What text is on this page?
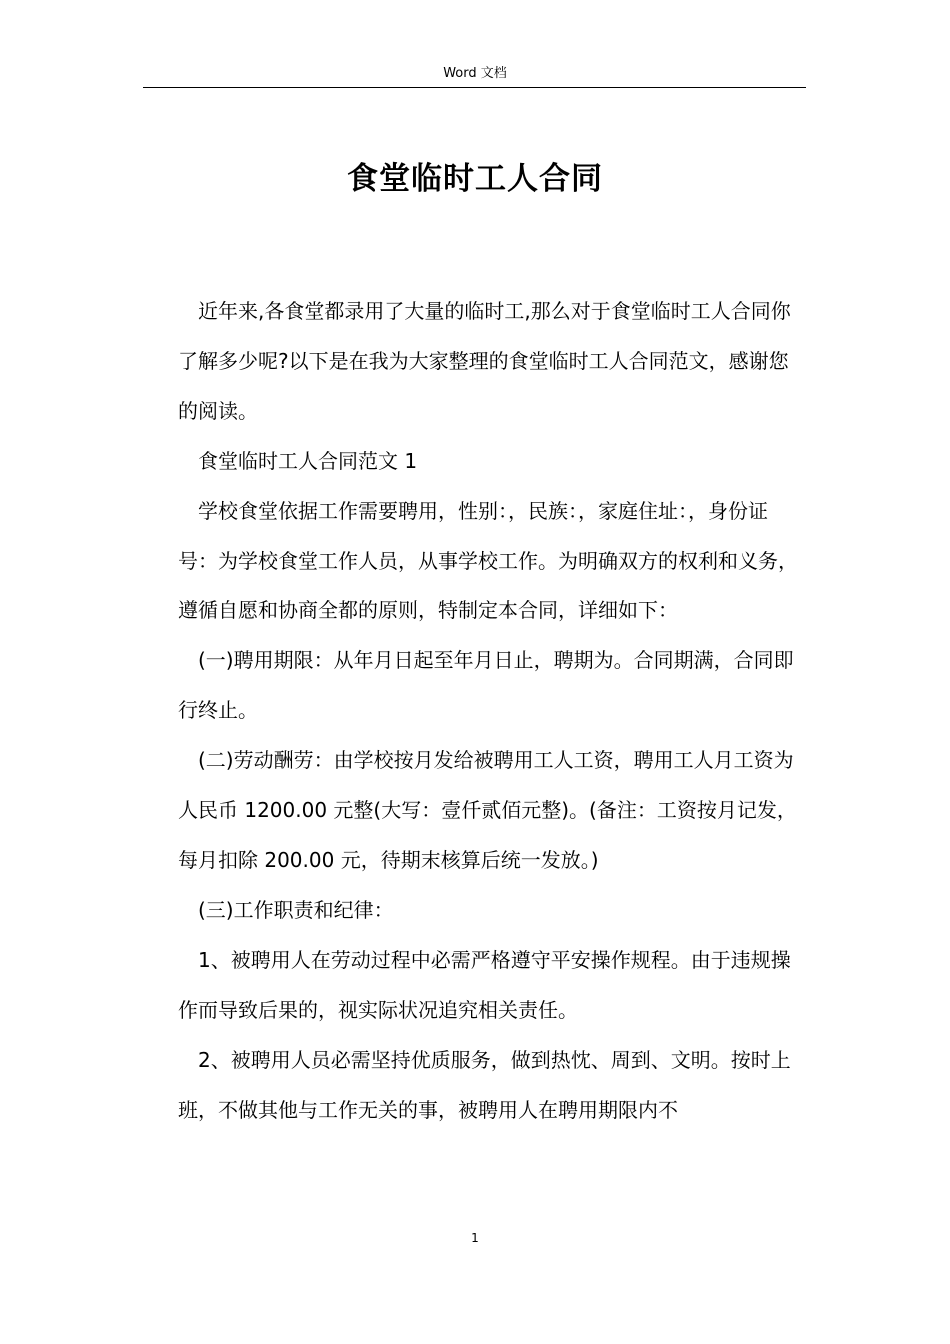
Word 文档
食堂临时工人合同

近年来,各食堂都录用了大量的临时工,那么对于食堂临时工人合同你了解多少呢?以下是在我为大家整理的食堂临时工人合同范文，感谢您的阅读。

食堂临时工人合同范文 1

学校食堂依据工作需要聘用，性别：，民族：，家庭住址：，身份证号：为学校食堂工作人员，从事学校工作。为明确双方的权利和义务，遵循自愿和协商全都的原则，特制定本合同，详细如下：

(一)聘用期限：从年月日起至年月日止，聘期为。合同期满，合同即行终止。

(二)劳动酬劳：由学校按月发给被聘用工人工资，聘用工人月工资为人民币 1200.00 元整(大写：壹仟贰佰元整)。(备注：工资按月记发，每月扣除 200.00 元，待期末核算后统一发放。)

(三)工作职责和纪律：

1、被聘用人在劳动过程中必需严格遵守平安操作规程。由于违规操作而导致后果的，视实际状况追究相关责任。

2、被聘用人员必需坚持优质服务，做到热忱、周到、文明。按时上班，不做其他与工作无关的事，被聘用人在聘用期限内不

1
